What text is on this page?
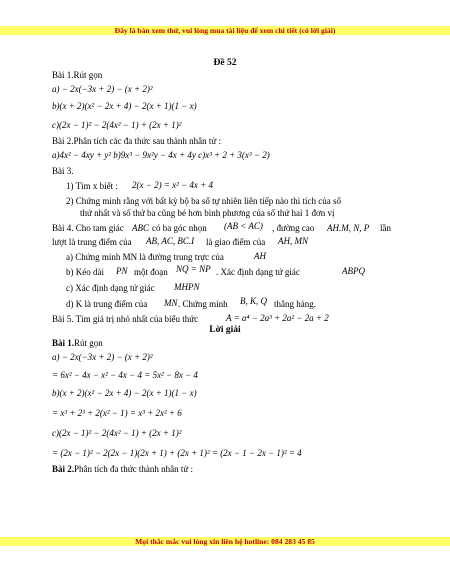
Đây là bản xem thử, vui lòng mua tài liệu để xem chi tiết (có lời giải)
Đề 52
Bài 1.Rút gọn
a) − 2x(−3x + 2) − (x + 2)²
b)(x + 2)(x² − 2x + 4) − 2(x + 1)(1 − x)
c)(2x − 1)² − 2(4x² − 1) + (2x + 1)²
Bài 2.Phân tích các đa thức sau thành nhân tử :
a)4x² − 4xy + y² b)9x³ − 9x²y − 4x + 4y c)x³ + 2 + 3(x³ − 2)
Bài 3.
1) Tìm x biết : 2(x − 2) = x² − 4x + 4
2) Chứng minh rằng với bất kỳ bộ ba số tự nhiên liên tiếp nào thì tích của số
thứ nhất và số thứ ba cũng bé hơn bình phương của số thứ hai 1 đơn vị
Bài 4. Cho tam giác ABC có ba góc nhọn (AB < AC) , đường cao AH.M, N, P lần
lượt là trung điểm của AB, AC, BC.I là giao điểm của AH, MN
a) Chứng minh MN là đường trung trực của	AH
b) Kéo dài PN một đoạn NQ = NP . Xác định dạng tứ giác	ABPQ
c) Xác định dạng tứ giác MHPN
d) K là trung điểm của MN . Chứng minh B, K, Q thẳng hàng.
Bài 5. Tìm giá trị nhỏ nhất của biểu thức	A = a⁴ − 2a³ + 2a² − 2a + 2
Lời giải
Bài 1.Rút gọn
a) − 2x(−3x + 2) − (x + 2)²
= 6x² − 4x − x² − 4x − 4 = 5x² − 8x − 4
b)(x + 2)(x² − 2x + 4) − 2(x + 1)(1 − x)
= x³ + 2³ + 2(x² − 1) = x³ + 2x² + 6
c)(2x − 1)² − 2(4x² − 1) + (2x + 1)²
= (2x − 1)² − 2(2x − 1)(2x + 1) + (2x + 1)² = (2x − 1 − 2x − 1)² = 4
Bài 2.Phân tích đa thức thành nhân tử :
Mọi thắc mắc vui lòng xin liên hệ hotline: 084 283 45 85
